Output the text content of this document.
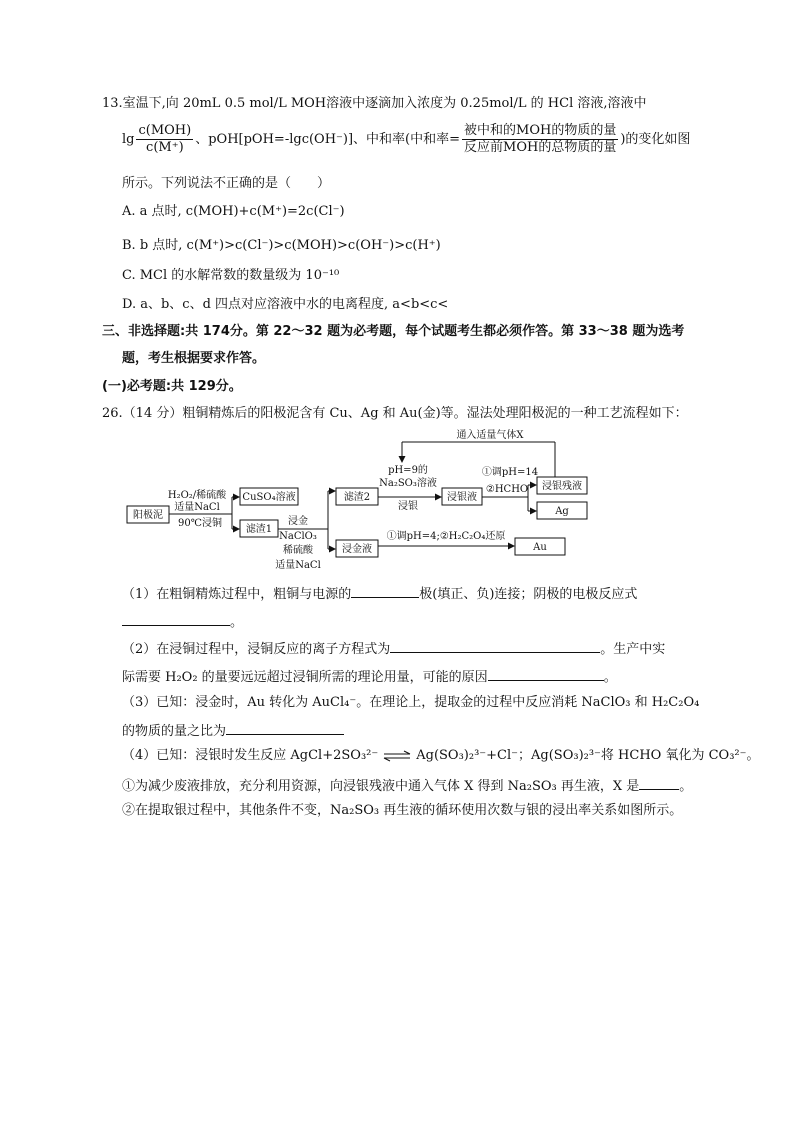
13.室温下,向 20mL 0.5 mol/L MOH溶液中逐滴加入浓度为 0.25mol/L 的 HCl 溶液,溶液中
$\lg \frac{\text{c(MOH)}}{c(M^+)}$ 、pOH[pOH=-lgc(OH⁻)]、中和率(中和率= $\frac{\text{被中和的MOH的物质的量}}{\text{反应前MOH的总物质的量}}$ )的变化如图
所示。下列说法不正确的是（　　）
A. a 点时, c(MOH)+c(M⁺)=2c(Cl⁻)
B. b 点时, c(M⁺)>c(Cl⁻)>c(MOH)>c(OH⁻)>c(H⁺)
C. MCl 的水解常数的数量级为 10⁻¹⁰
D. a、b、c、d 四点对应溶液中水的电离程度, a<b<c<
三、非选择题:共 174分。第 22～32 题为必考题，每个试题考生都必须作答。第 33～38 题为选考
题，考生根据要求作答。
(一)必考题:共 129分。
26.（14 分）粗铜精炼后的阳极泥含有 Cu、Ag 和 Au(金)等。湿法处理阳极泥的一种工艺流程如下：
阳极泥
H₂O₂/稀硫酸
适量NaCl
90℃浸铜
CuSO₄溶液
滤渣1
浸金
NaClO₃
稀硫酸
适量NaCl
滤渣2
pH=9的
Na₂SO₃溶液
浸银
浸银液
①调pH=14
②HCHO 浸银残液
通入适量气体X
Ag
浸金液
①调pH=4;②H₂C₂O₄还原
Au
（1）在粗铜精炼过程中，粗铜与电源的	极(填正、负)连接；阴极的电极反应式
。
（2）在浸铜过程中，浸铜反应的离子方程式为	。生产中实
际需要 H₂O₂ 的量要远远超过浸铜所需的理论用量，可能的原因	。
（3）已知：浸金时，Au 转化为 AuCl₄⁻。在理论上，提取金的过程中反应消耗 NaClO₃ 和 H₂C₂O₄
的物质的量之比为
（4）已知：浸银时发生反应 AgCl+2SO₃²⁻ ⇌ Ag(SO₃)₂³⁻+Cl⁻；Ag(SO₃)₂³⁻将 HCHO 氧化为 CO₃²⁻。
①为减少废液排放，充分利用资源，向浸银残液中通入气体 X 得到 Na₂SO₃ 再生液，X 是	。
②在提取银过程中，其他条件不变，Na₂SO₃ 再生液的循环使用次数与银的浸出率关系如图所示。
